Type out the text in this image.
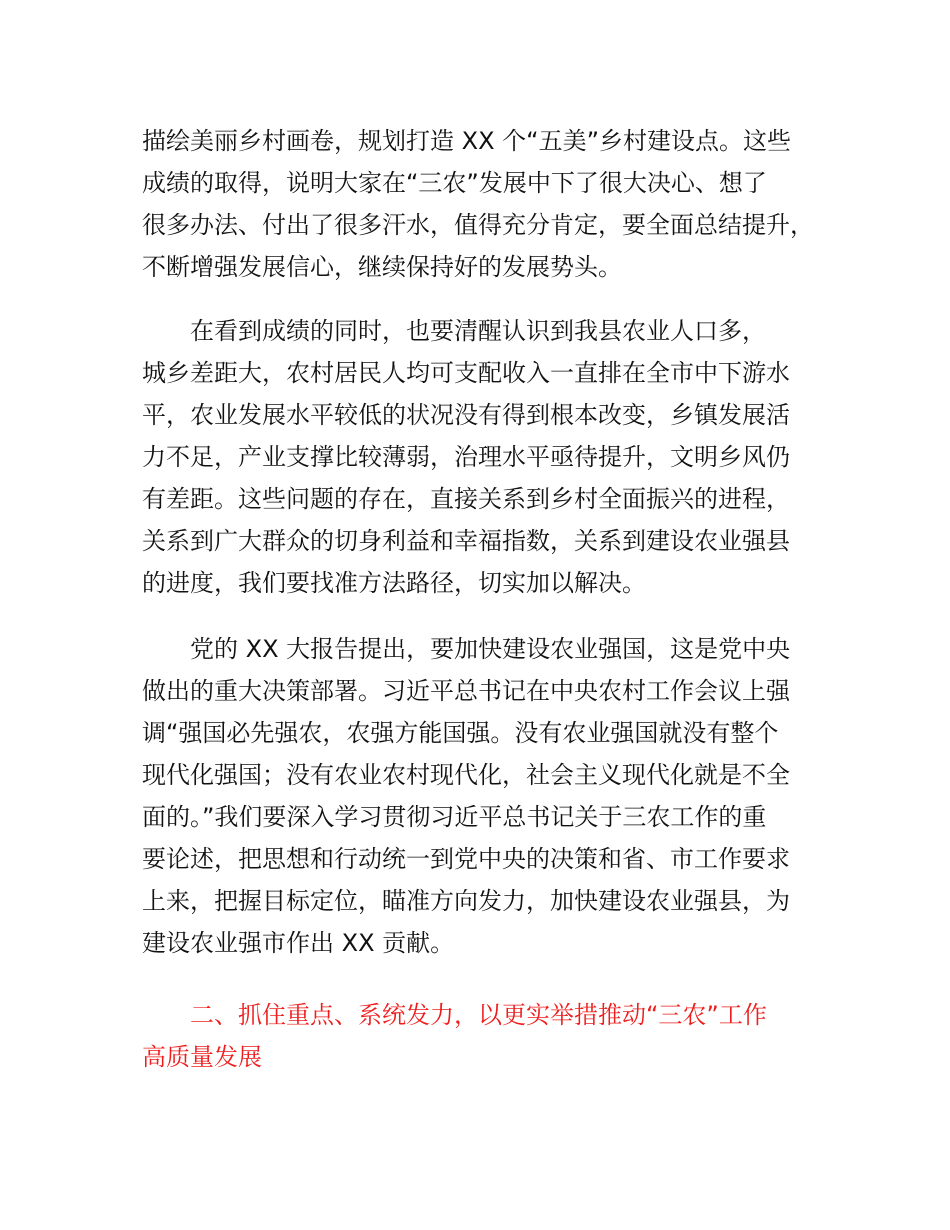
描绘美丽乡村画卷，规划打造 XX 个“五美”乡村建设点。这些

成绩的取得，说明大家在“三农”发展中下了很大决心、想了

很多办法、付出了很多汗水，值得充分肯定，要全面总结提升，

不断增强发展信心，继续保持好的发展势头。

在看到成绩的同时，也要清醒认识到我县农业人口多，

城乡差距大，农村居民人均可支配收入一直排在全市中下游水

平，农业发展水平较低的状况没有得到根本改变，乡镇发展活

力不足，产业支撑比较薄弱，治理水平亟待提升，文明乡风仍

有差距。这些问题的存在，直接关系到乡村全面振兴的进程，

关系到广大群众的切身利益和幸福指数，关系到建设农业强县

的进度，我们要找准方法路径，切实加以解决。

党的 XX 大报告提出，要加快建设农业强国，这是党中央

做出的重大决策部署。习近平总书记在中央农村工作会议上强

调“强国必先强农，农强方能国强。没有农业强国就没有整个

现代化强国；没有农业农村现代化，社会主义现代化就是不全

面的。”我们要深入学习贯彻习近平总书记关于三农工作的重

要论述，把思想和行动统一到党中央的决策和省、市工作要求

上来，把握目标定位，瞄准方向发力，加快建设农业强县，为

建设农业强市作出 XX 贡献。

二、抓住重点、系统发力，以更实举措推动“三农”工作

高质量发展
